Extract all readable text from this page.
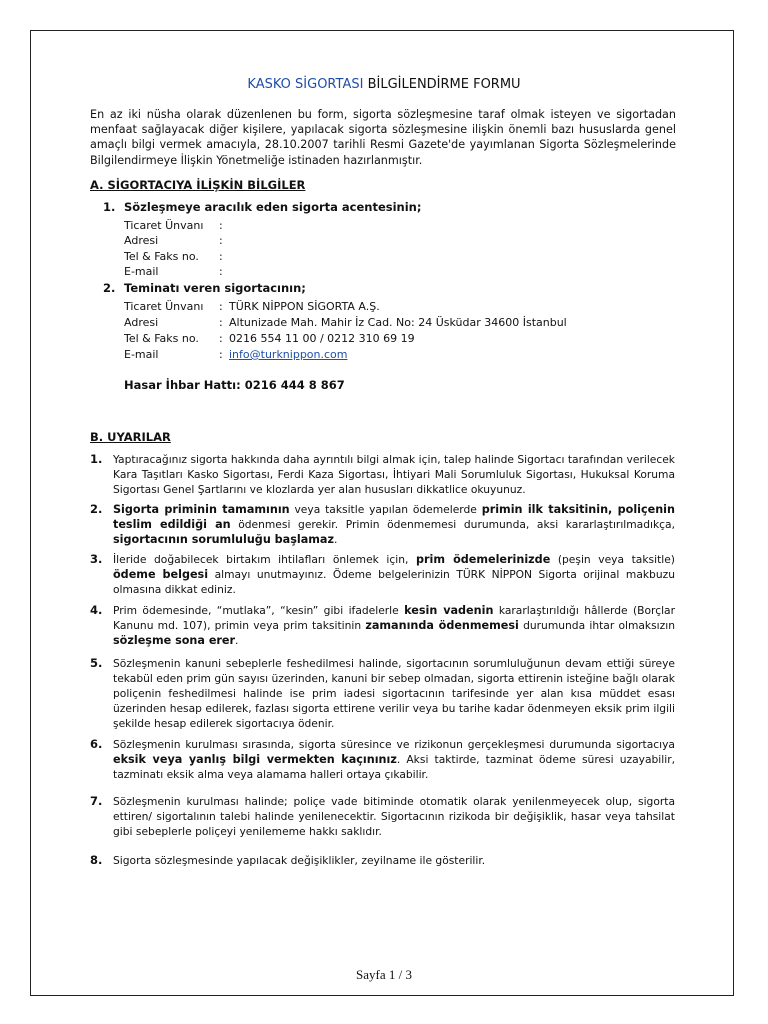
KASKO SİGORTASI BİLGİLENDİRME FORMU
En az iki nüsha olarak düzenlenen bu form, sigorta sözleşmesine taraf olmak isteyen ve sigortadan menfaat sağlayacak diğer kişilere, yapılacak sigorta sözleşmesine ilişkin önemli bazı hususlarda genel amaçlı bilgi vermek amacıyla, 28.10.2007 tarihli Resmi Gazete'de yayımlanan Sigorta Sözleşmelerinde Bilgilendirmeye İlişkin Yönetmeliğe istinaden hazırlanmıştır.
A. SİGORTACIYA İLİŞKİN BİLGİLER
1. Sözleşmeye aracılık eden sigorta acentesinin;
Ticaret Ünvanı :
Adresi	:
Tel & Faks no. :
E-mail	:
2. Teminatı veren sigortacının;
Ticaret Ünvanı : TÜRK NİPPON SİGORTA A.Ş.
Adresi	: Altunizade Mah. Mahir İz Cad. No: 24 Üsküdar 34600 İstanbul
Tel & Faks no. : 0216 554 11 00 / 0212 310 69 19
E-mail	: info@turknippon.com
Hasar İhbar Hattı: 0216 444 8 867
B. UYARILAR
1. Yaptıracağınız sigorta hakkında daha ayrıntılı bilgi almak için, talep halinde Sigortacı tarafından verilecek Kara Taşıtları Kasko Sigortası, Ferdi Kaza Sigortası, İhtiyari Mali Sorumluluk Sigortası, Hukuksal Koruma Sigortası Genel Şartlarını ve klozlarda yer alan hususları dikkatlice okuyunuz.
2. Sigorta priminin tamamının veya taksitle yapılan ödemelerde primin ilk taksitinin, poliçenin teslim edildiği an ödenmesi gerekir. Primin ödenmemesi durumunda, aksi kararlaştırılmadıkça, sigortacının sorumluluğu başlamaz.
3. İleride doğabilecek birtakım ihtilafları önlemek için, prim ödemelerinizde (peşin veya taksitle) ödeme belgesi almayı unutmayınız. Ödeme belgelerinizin TÜRK NİPPON Sigorta orijinal makbuzu olmasına dikkat ediniz.
4. Prim ödemesinde, “mutlaka”, “kesin” gibi ifadelerle kesin vadenin kararlaştırıldığı hâllerde (Borçlar Kanunu md. 107), primin veya prim taksitinin zamanında ödenmemesi durumunda ihtar olmaksızın sözleşme sona erer.
5. Sözleşmenin kanuni sebeplerle feshedilmesi halinde, sigortacının sorumluluğunun devam ettiği süreye tekabül eden prim gün sayısı üzerinden, kanuni bir sebep olmadan, sigorta ettirenin isteğine bağlı olarak poliçenin feshedilmesi halinde ise prim iadesi sigortacının tarifesinde yer alan kısa müddet esası üzerinden hesap edilerek, fazlası sigorta ettirene verilir veya bu tarihe kadar ödenmeyen eksik prim ilgili şekilde hesap edilerek sigortacıya ödenir.
6. Sözleşmenin kurulması sırasında, sigorta süresince ve rizikonun gerçekleşmesi durumunda sigortacıya eksik veya yanlış bilgi vermekten kaçınınız. Aksi taktirde, tazminat ödeme süresi uzayabilir, tazminatı eksik alma veya alamama halleri ortaya çıkabilir.
7. Sözleşmenin kurulması halinde; poliçe vade bitiminde otomatik olarak yenilenmeyecek olup, sigorta ettiren/ sigortalının talebi halinde yenilenecektir. Sigortacının rizikoda bir değişiklik, hasar veya tahsilat gibi sebeplerle poliçeyi yenilememe hakkı saklıdır.
8. Sigorta sözleşmesinde yapılacak değişiklikler, zeyilname ile gösterilir.
Sayfa 1 / 3
